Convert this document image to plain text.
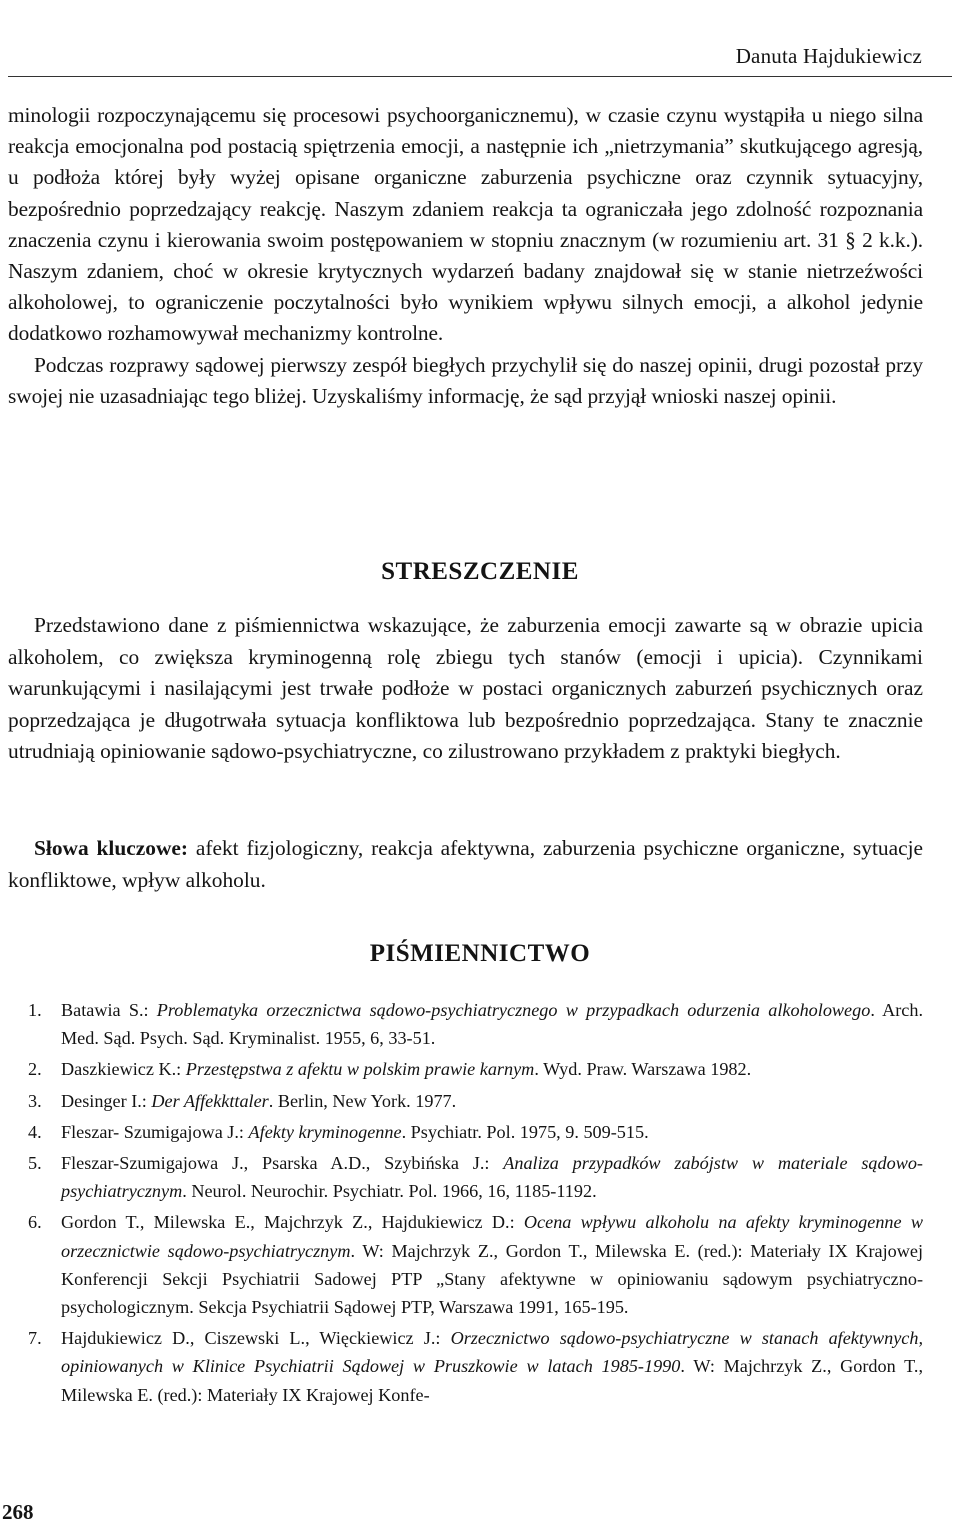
Danuta Hajdukiewicz

minologii rozpoczynającemu się procesowi psychoorganicznemu), w czasie czynu wystąpiła u niego silna reakcja emocjonalna pod postacią spiętrzenia emocji, a następnie ich „nietrzymania” skutkującego agresją, u podłoża której były wyżej opisane organiczne zaburzenia psychiczne oraz czynnik sytuacyjny, bezpośrednio poprzedzający reakcję. Naszym zdaniem reakcja ta ograniczała jego zdolność rozpoznania znaczenia czynu i kierowania swoim postępowaniem w stopniu znacznym (w rozumieniu art. 31 § 2 k.k.). Naszym zdaniem, choć w okresie krytycznych wydarzeń badany znajdował się w stanie nietrzeźwości alkoholowej, to ograniczenie poczytalności było wynikiem wpływu silnych emocji, a alkohol jedynie dodatkowo rozhamowywał mechanizmy kontrolne.

Podczas rozprawy sądowej pierwszy zespół biegłych przychylił się do naszej opinii, drugi pozostał przy swojej nie uzasadniając tego bliżej. Uzyskaliśmy informację, że sąd przyjął wnioski naszej opinii.

STRESZCZENIE
Przedstawiono dane z piśmiennictwa wskazujące, że zaburzenia emocji zawarte są w obrazie upicia alkoholem, co zwiększa kryminogenną rolę zbiegu tych stanów (emocji i upicia). Czynnikami warunkującymi i nasilającymi jest trwałe podłoże w postaci organicznych zaburzeń psychicznych oraz poprzedzająca je długotrwała sytuacja konfliktowa lub bezpośrednio poprzedzająca. Stany te znacznie utrudniają opiniowanie sądowo-psychiatryczne, co zilustrowano przykładem z praktyki biegłych.
Słowa kluczowe: afekt fizjologiczny, reakcja afektywna, zaburzenia psychiczne organiczne, sytuacje konfliktowe, wpływ alkoholu.
PIŚMIENNICTWO
1. Batawia S.: Problematyka orzecznictwa sądowo-psychiatrycznego w przypadkach odurzenia alkoholowego. Arch. Med. Sąd. Psych. Sąd. Kryminalist. 1955, 6, 33-51.
2. Daszkiewicz K.: Przestępstwa z afektu w polskim prawie karnym. Wyd. Praw. Warszawa 1982.
3. Desinger I.: Der Affekkttaler. Berlin, New York. 1977.
4. Fleszar- Szumigajowa J.: Afekty kryminogenne. Psychiatr. Pol. 1975, 9. 509-515.
5. Fleszar-Szumigajowa J., Psarska A.D., Szybińska J.: Analiza przypadków zabójstw w materiale sądowo-psychiatrycznym. Neurol. Neurochir. Psychiatr. Pol. 1966, 16, 1185-1192.
6. Gordon T., Milewska E., Majchrzyk Z., Hajdukiewicz D.: Ocena wpływu alkoholu na afekty kryminogenne w orzecznictwie sądowo-psychiatrycznym. W: Majchrzyk Z., Gordon T., Milewska E. (red.): Materiały IX Krajowej Konferencji Sekcji Psychiatrii Sadowej PTP „Stany afektywne w opiniowaniu sądowym psychiatryczno-psychologicznym. Sekcja Psychiatrii Sądowej PTP, Warszawa 1991, 165-195.
7. Hajdukiewicz D., Ciszewski L., Więckiewicz J.: Orzecznictwo sądowo-psychiatryczne w stanach afektywnych, opiniowanych w Klinice Psychiatrii Sądowej w Pruszkowie w latach 1985-1990. W: Majchrzyk Z., Gordon T., Milewska E. (red.): Materiały IX Krajowej Konfe-
268
